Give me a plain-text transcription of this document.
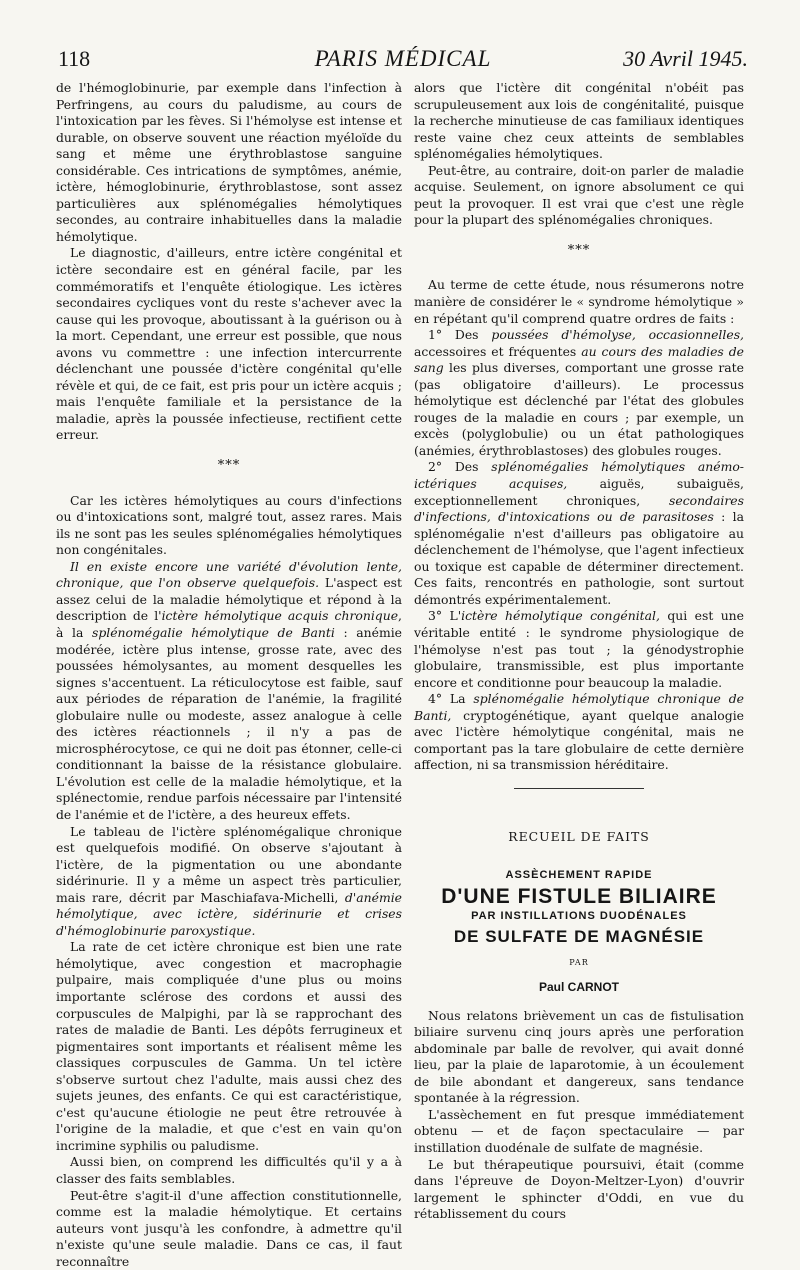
118	PARIS MÉDICAL	30 Avril 1945.

de l'hémoglobinurie, par exemple dans l'infection à Perfringens, au cours du paludisme, au cours de l'intoxication par les fèves. Si l'hémolyse est intense et durable, on observe souvent une réaction myéloïde du sang et même une érythroblastose sanguine considérable. Ces intrications de symptômes, anémie, ictère, hémoglobinurie, érythroblastose, sont assez particulières aux splénomégalies hémolytiques secondes, au contraire inhabituelles dans la maladie hémolytique.

Le diagnostic, d'ailleurs, entre ictère congénital et ictère secondaire est en général facile, par les commémoratifs et l'enquête étiologique. Les ictères secondaires cycliques vont du reste s'achever avec la cause qui les provoque, aboutissant à la guérison ou à la mort. Cependant, une erreur est possible, que nous avons vu commettre : une infection intercurrente déclenchant une poussée d'ictère congénital qu'elle révèle et qui, de ce fait, est pris pour un ictère acquis ; mais l'enquête familiale et la persistance de la maladie, après la poussée infectieuse, rectifient cette erreur.

***

Car les ictères hémolytiques au cours d'infections ou d'intoxications sont, malgré tout, assez rares. Mais ils ne sont pas les seules splénomégalies hémolytiques non congénitales.

Il en existe encore une variété d'évolution lente, chronique, que l'on observe quelquefois. L'aspect est assez celui de la maladie hémolytique et répond à la description de l'ictère hémolytique acquis chronique, à la splénomégalie hémolytique de Banti : anémie modérée, ictère plus intense, grosse rate, avec des poussées hémolysantes, au moment desquelles les signes s'accentuent. La réticulocytose est faible, sauf aux périodes de réparation de l'anémie, la fragilité globulaire nulle ou modeste, assez analogue à celle des ictères réactionnels ; il n'y a pas de microsphérocytose, ce qui ne doit pas étonner, celle-ci conditionnant la baisse de la résistance globulaire. L'évolution est celle de la maladie hémolytique, et la splénectomie, rendue parfois nécessaire par l'intensité de l'anémie et de l'ictère, a des heureux effets.

Le tableau de l'ictère splénomégalique chronique est quelquefois modifié. On observe s'ajoutant à l'ictère, de la pigmentation ou une abondante sidérinurie. Il y a même un aspect très particulier, mais rare, décrit par Maschiafava-Michelli, d'anémie hémolytique, avec ictère, sidérinurie et crises d'hémoglobinurie paroxystique.

La rate de cet ictère chronique est bien une rate hémolytique, avec congestion et macrophagie pulpaire, mais compliquée d'une plus ou moins importante sclérose des cordons et aussi des corpuscules de Malpighi, par là se rapprochant des rates de maladie de Banti. Les dépôts ferrugineux et pigmentaires sont importants et réalisent même les classiques corpuscules de Gamma. Un tel ictère s'observe surtout chez l'adulte, mais aussi chez des sujets jeunes, des enfants. Ce qui est caractéristique, c'est qu'aucune étiologie ne peut être retrouvée à l'origine de la maladie, et que c'est en vain qu'on incrimine syphilis ou paludisme.

Aussi bien, on comprend les difficultés qu'il y a à classer des faits semblables.

Peut-être s'agit-il d'une affection constitutionnelle, comme est la maladie hémolytique. Et certains auteurs vont jusqu'à les confondre, à admettre qu'il n'existe qu'une seule maladie. Dans ce cas, il faut reconnaître

alors que l'ictère dit congénital n'obéit pas scrupuleusement aux lois de congénitalité, puisque la recherche minutieuse de cas familiaux identiques reste vaine chez ceux atteints de semblables splénomégalies hémolytiques.

Peut-être, au contraire, doit-on parler de maladie acquise. Seulement, on ignore absolument ce qui peut la provoquer. Il est vrai que c'est une règle pour la plupart des splénomégalies chroniques.

***

Au terme de cette étude, nous résumerons notre manière de considérer le « syndrome hémolytique » en répétant qu'il comprend quatre ordres de faits :

1° Des poussées d'hémolyse, occasionnelles, accessoires et fréquentes au cours des maladies de sang les plus diverses, comportant une grosse rate (pas obligatoire d'ailleurs). Le processus hémolytique est déclenché par l'état des globules rouges de la maladie en cours ; par exemple, un excès (polyglobulie) ou un état pathologiques (anémies, érythroblastoses) des globules rouges.

2° Des splénomégalies hémolytiques anémo-ictériques acquises, aiguës, subaiguës, exceptionnellement chroniques, secondaires d'infections, d'intoxications ou de parasitoses : la splénomégalie n'est d'ailleurs pas obligatoire au déclenchement de l'hémolyse, que l'agent infectieux ou toxique est capable de déterminer directement. Ces faits, rencontrés en pathologie, sont surtout démontrés expérimentalement.

3° L'ictère hémolytique congénital, qui est une véritable entité : le syndrome physiologique de l'hémolyse n'est pas tout ; la génodystrophie globulaire, transmissible, est plus importante encore et conditionne pour beaucoup la maladie.

4° La splénomégalie hémolytique chronique de Banti, cryptogénétique, ayant quelque analogie avec l'ictère hémolytique congénital, mais ne comportant pas la tare globulaire de cette dernière affection, ni sa transmission héréditaire.

RECUEIL DE FAITS
ASSÈCHEMENT RAPIDE
D'UNE FISTULE BILIAIRE
PAR INSTILLATIONS DUODÉNALES
DE SULFATE DE MAGNÉSIE
PAR
Paul CARNOT

Nous relatons brièvement un cas de fistulisation biliaire survenu cinq jours après une perforation abdominale par balle de revolver, qui avait donné lieu, par la plaie de laparotomie, à un écoulement de bile abondant et dangereux, sans tendance spontanée à la régression.

L'assèchement en fut presque immédiatement obtenu — et de façon spectaculaire — par instillation duodénale de sulfate de magnésie.

Le but thérapeutique poursuivi, était (comme dans l'épreuve de Doyon-Meltzer-Lyon) d'ouvrir largement le sphincter d'Oddi, en vue du rétablissement du cours
